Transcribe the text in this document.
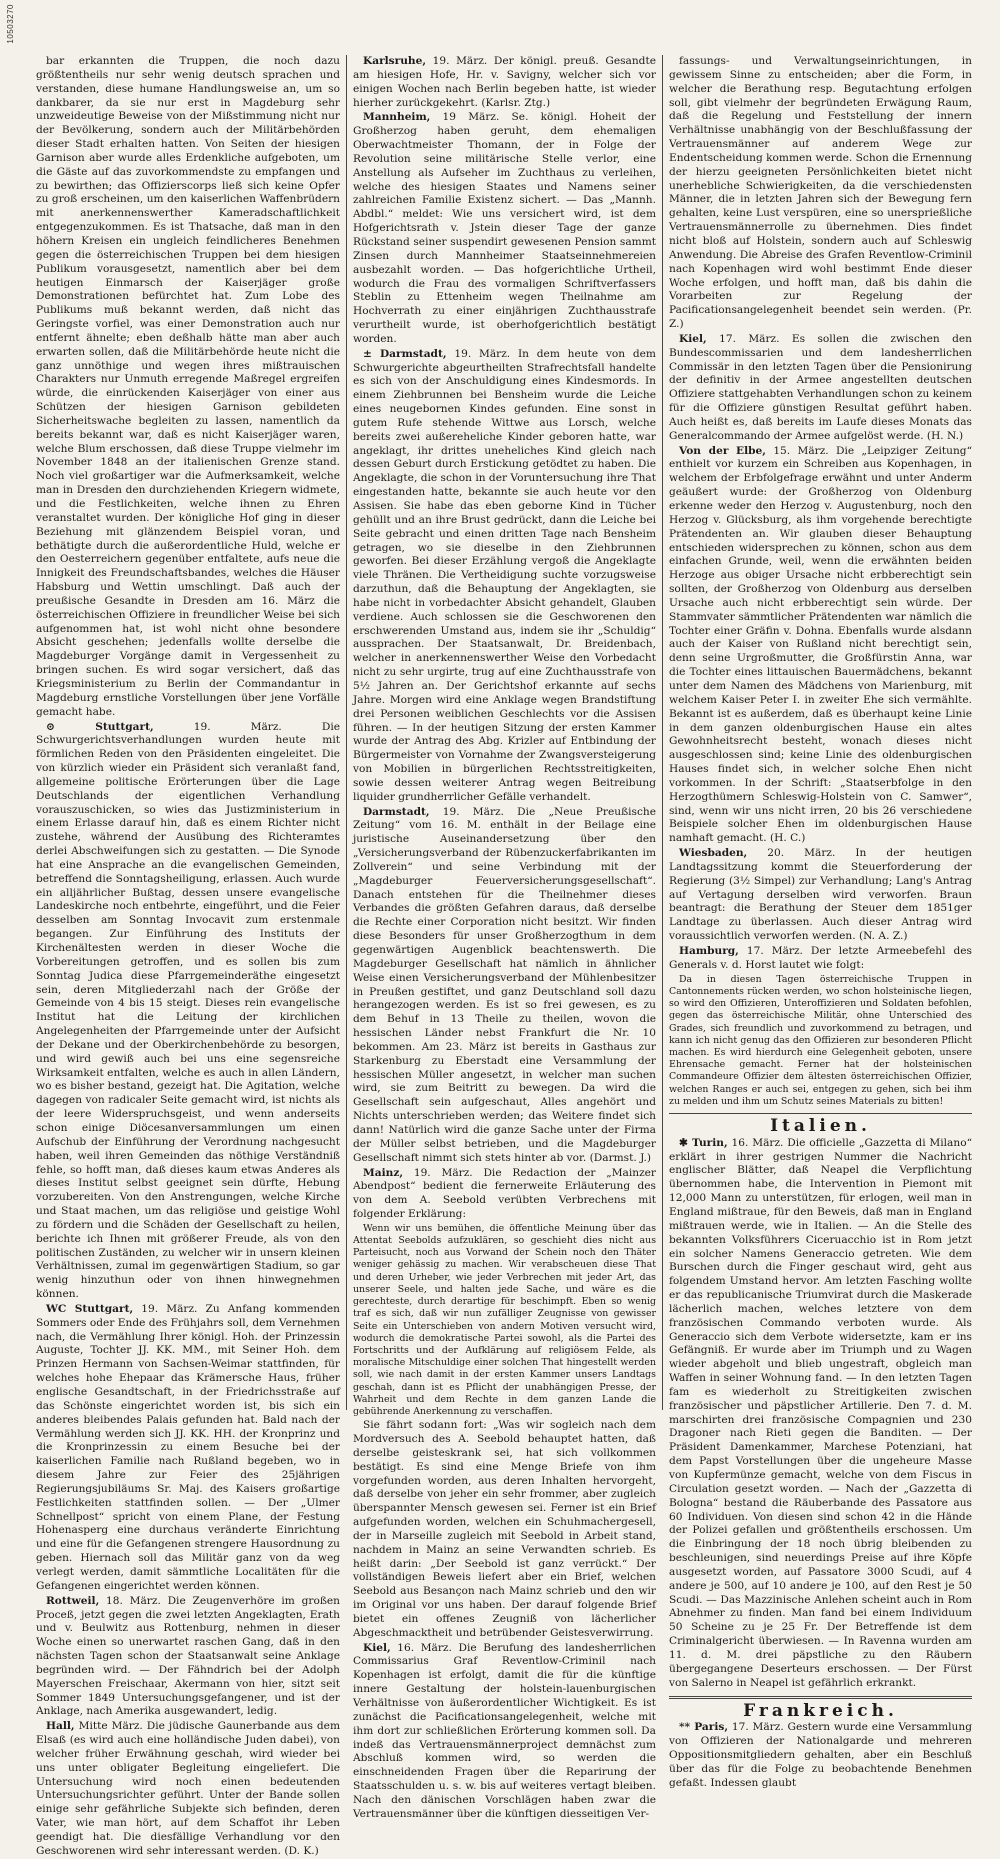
10503270

bar erkannten die Truppen, die noch dazu größtentheils nur sehr wenig deutsch sprachen und verstanden, diese humane Handlungsweise an, um so dankbarer, da sie nur erst in Magdeburg sehr unzweideutige Beweise von der Mißstimmung nicht nur der Bevölkerung, sondern auch der Militärbehörden dieser Stadt erhalten hatten. Von Seiten der hiesigen Garnison aber wurde alles Erdenkliche aufgeboten, um die Gäste auf das zuvorkommendste zu empfangen und zu bewirthen; das Offizierscorps ließ sich keine Opfer zu groß erscheinen, um den kaiserlichen Waffenbrüdern mit anerkennenswerther Kameradschaftlichkeit entgegenzukommen. Es ist Thatsache, daß man in den höhern Kreisen ein ungleich feindlicheres Benehmen gegen die österreichischen Truppen bei dem hiesigen Publikum vorausgesetzt, namentlich aber bei dem heutigen Einmarsch der Kaiserjäger große Demonstrationen befürchtet hat. Zum Lobe des Publikums muß bekannt werden, daß nicht das Geringste vorfiel, was einer Demonstration auch nur entfernt ähnelte; eben deßhalb hätte man aber auch erwarten sollen, daß die Militärbehörde heute nicht die ganz unnöthige und wegen ihres mißtrauischen Charakters nur Unmuth erregende Maßregel ergreifen würde, die einrückenden Kaiserjäger von einer aus Schützen der hiesigen Garnison gebildeten Sicherheitswache begleiten zu lassen, namentlich da bereits bekannt war, daß es nicht Kaiserjäger waren, welche Blum erschossen, daß diese Truppe vielmehr im November 1848 an der italienischen Grenze stand. Noch viel großartiger war die Aufmerksamkeit, welche man in Dresden den durchziehenden Kriegern widmete, und die Festlichkeiten, welche ihnen zu Ehren veranstaltet wurden. Der königliche Hof ging in dieser Beziehung mit glänzendem Beispiel voran, und bethätigte durch die außerordentliche Huld, welche er den Oesterreichern gegenüber entfaltete, aufs neue die Innigkeit des Freundschaftsbandes, welches die Häuser Habsburg und Wettin umschlingt. Daß auch der preußische Gesandte in Dresden am 16. März die österreichischen Offiziere in freundlicher Weise bei sich aufgenommen hat, ist wohl nicht ohne besondere Absicht geschehen; jedenfalls wollte derselbe die Magdeburger Vorgänge damit in Vergessenheit zu bringen suchen. Es wird sogar versichert, daß das Kriegsministerium zu Berlin der Commandantur in Magdeburg ernstliche Vorstellungen über jene Vorfälle gemacht habe.

⊙ Stuttgart, 19. März. Die Schwurgerichtsverhandlungen wurden heute mit förmlichen Reden von den Präsidenten eingeleitet. Die von kürzlich wieder ein Präsident sich veranlaßt fand, allgemeine politische Erörterungen über die Lage Deutschlands der eigentlichen Verhandlung vorauszuschicken, so wies das Justizministerium in einem Erlasse darauf hin, daß es einem Richter nicht zustehe, während der Ausübung des Richteramtes derlei Abschweifungen sich zu gestatten. — Die Synode hat eine Ansprache an die evangelischen Gemeinden, betreffend die Sonntagsheiligung, erlassen. Auch wurde ein alljährlicher Bußtag, dessen unsere evangelische Landeskirche noch entbehrte, eingeführt, und die Feier desselben am Sonntag Invocavit zum erstenmale begangen. Zur Einführung des Instituts der Kirchenältesten werden in dieser Woche die Vorbereitungen getroffen, und es sollen bis zum Sonntag Judica diese Pfarrgemeinderäthe eingesetzt sein, deren Mitgliederzahl nach der Größe der Gemeinde von 4 bis 15 steigt. Dieses rein evangelische Institut hat die Leitung der kirchlichen Angelegenheiten der Pfarrgemeinde unter der Aufsicht der Dekane und der Oberkirchenbehörde zu besorgen, und wird gewiß auch bei uns eine segensreiche Wirksamkeit entfalten, welche es auch in allen Ländern, wo es bisher bestand, gezeigt hat. Die Agitation, welche dagegen von radicaler Seite gemacht wird, ist nichts als der leere Widerspruchsgeist, und wenn anderseits schon einige Diöcesanversammlungen um einen Aufschub der Einführung der Verordnung nachgesucht haben, weil ihren Gemeinden das nöthige Verständniß fehle, so hofft man, daß dieses kaum etwas Anderes als dieses Institut selbst geeignet sein dürfte, Hebung vorzubereiten. Von den Anstrengungen, welche Kirche und Staat machen, um das religiöse und geistige Wohl zu fördern und die Schäden der Gesellschaft zu heilen, berichte ich Ihnen mit größerer Freude, als von den politischen Zuständen, zu welcher wir in unsern kleinen Verhältnissen, zumal im gegenwärtigen Stadium, so gar wenig hinzuthun oder von ihnen hinwegnehmen können.

WC Stuttgart, 19. März. Zu Anfang kommenden Sommers oder Ende des Frühjahrs soll, dem Vernehmen nach, die Vermählung Ihrer königl. Hoh. der Prinzessin Auguste, Tochter JJ. KK. MM., mit Seiner Hoh. dem Prinzen Hermann von Sachsen-Weimar stattfinden, für welches hohe Ehepaar das Krämersche Haus, früher englische Gesandtschaft, in der Friedrichsstraße auf das Schönste eingerichtet worden ist, bis sich ein anderes bleibendes Palais gefunden hat. Bald nach der Vermählung werden sich JJ. KK. HH. der Kronprinz und die Kronprinzessin zu einem Besuche bei der kaiserlichen Familie nach Rußland begeben, wo in diesem Jahre zur Feier des 25jährigen Regierungsjubiläums Sr. Maj. des Kaisers großartige Festlichkeiten stattfinden sollen. — Der „Ulmer Schnellpost“ spricht von einem Plane, der Festung Hohenasperg eine durchaus veränderte Einrichtung und eine für die Gefangenen strengere Hausordnung zu geben. Hiernach soll das Militär ganz von da weg verlegt werden, damit sämmtliche Localitäten für die Gefangenen eingerichtet werden können.

Rottweil, 18. März. Die Zeugenverhöre im großen Proceß, jetzt gegen die zwei letzten Angeklagten, Erath und v. Beulwitz aus Rottenburg, nehmen in dieser Woche einen so unerwartet raschen Gang, daß in den nächsten Tagen schon der Staatsanwalt seine Anklage begründen wird. — Der Fähndrich bei der Adolph Mayerschen Freischaar, Akermann von hier, sitzt seit Sommer 1849 Untersuchungsgefangener, und ist der Anklage, nach Amerika ausgewandert, ledig.

Hall, Mitte März. Die jüdische Gaunerbande aus dem Elsaß (es wird auch eine holländische Juden dabei), von welcher früher Erwähnung geschah, wird wieder bei uns unter obligater Begleitung eingeliefert. Die Untersuchung wird noch einen bedeutenden Untersuchungsrichter geführt. Unter der Bande sollen einige sehr gefährliche Subjekte sich befinden, deren Vater, wie man hört, auf dem Schaffot ihr Leben geendigt hat. Die diesfällige Verhandlung vor den Geschworenen wird sehr interessant werden. (D. K.)

Karlsruhe, 19. März. Der königl. preuß. Gesandte am hiesigen Hofe, Hr. v. Savigny, welcher sich vor einigen Wochen nach Berlin begeben hatte, ist wieder hierher zurückgekehrt. (Karlsr. Ztg.)

Mannheim, 19 März. Se. königl. Hoheit der Großherzog haben geruht, dem ehemaligen Oberwachtmeister Thomann, der in Folge der Revolution seine militärische Stelle verlor, eine Anstellung als Aufseher im Zuchthaus zu verleihen, welche des hiesigen Staates und Namens seiner zahlreichen Familie Existenz sichert. — Das „Mannh. Abdbl.“ meldet: Wie uns versichert wird, ist dem Hofgerichtsrath v. Jstein dieser Tage der ganze Rückstand seiner suspendirt gewesenen Pension sammt Zinsen durch Mannheimer Staatseinnehmereien ausbezahlt worden. — Das hofgerichtliche Urtheil, wodurch die Frau des vormaligen Schriftverfassers Steblin zu Ettenheim wegen Theilnahme am Hochverrath zu einer einjährigen Zuchthausstrafe verurtheilt wurde, ist oberhofgerichtlich bestätigt worden.

± Darmstadt, 19. März. In dem heute von dem Schwurgerichte abgeurtheilten Strafrechtsfall handelte es sich von der Anschuldigung eines Kindesmords. In einem Ziehbrunnen bei Bensheim wurde die Leiche eines neugebornen Kindes gefunden. Eine sonst in gutem Rufe stehende Wittwe aus Lorsch, welche bereits zwei außereheliche Kinder geboren hatte, war angeklagt, ihr drittes uneheliches Kind gleich nach dessen Geburt durch Erstickung getödtet zu haben. Die Angeklagte, die schon in der Voruntersuchung ihre That eingestanden hatte, bekannte sie auch heute vor den Assisen. Sie habe das eben geborne Kind in Tücher gehüllt und an ihre Brust gedrückt, dann die Leiche bei Seite gebracht und einen dritten Tage nach Bensheim getragen, wo sie dieselbe in den Ziehbrunnen geworfen. Bei dieser Erzählung vergoß die Angeklagte viele Thränen. Die Vertheidigung suchte vorzugsweise darzuthun, daß die Behauptung der Angeklagten, sie habe nicht in vorbedachter Absicht gehandelt, Glauben verdiene. Auch schlossen sie die Geschworenen den erschwerenden Umstand aus, indem sie ihr „Schuldig“ aussprachen. Der Staatsanwalt, Dr. Breidenbach, welcher in anerkennenswerther Weise den Vorbedacht nicht zu sehr urgirte, trug auf eine Zuchthausstrafe von 5½ Jahren an. Der Gerichtshof erkannte auf sechs Jahre. Morgen wird eine Anklage wegen Brandstiftung drei Personen weiblichen Geschlechts vor die Assisen führen. — In der heutigen Sitzung der ersten Kammer wurde der Antrag des Abg. Krizler auf Entbindung der Bürgermeister von Vornahme der Zwangsversteigerung von Mobilien in bürgerlichen Rechtsstreitigkeiten, sowie dessen weiterer Antrag wegen Beitreibung liquider grundherrlicher Gefälle verhandelt.

Darmstadt, 19. März. Die „Neue Preußische Zeitung“ vom 16. M. enthält in der Beilage eine juristische Auseinandersetzung über den „Versicherungsverband der Rübenzuckerfabrikanten im Zollverein“ und seine Verbindung mit der „Magdeburger Feuerversicherungsgesellschaft“. Danach entstehen für die Theilnehmer dieses Verbandes die größten Gefahren daraus, daß derselbe die Rechte einer Corporation nicht besitzt. Wir finden diese Besonders für unser Großherzogthum in dem gegenwärtigen Augenblick beachtenswerth. Die Magdeburger Gesellschaft hat nämlich in ähnlicher Weise einen Versicherungsverband der Mühlenbesitzer in Preußen gestiftet, und ganz Deutschland soll dazu herangezogen werden. Es ist so frei gewesen, es zu dem Behuf in 13 Theile zu theilen, wovon die hessischen Länder nebst Frankfurt die Nr. 10 bekommen. Am 23. März ist bereits in Gasthaus zur Starkenburg zu Eberstadt eine Versammlung der hessischen Müller angesetzt, in welcher man suchen wird, sie zum Beitritt zu bewegen. Da wird die Gesellschaft sein aufgeschaut, Alles angehört und Nichts unterschrieben werden; das Weitere findet sich dann! Natürlich wird die ganze Sache unter der Firma der Müller selbst betrieben, und die Magdeburger Gesellschaft nimmt sich stets hinter ab vor. (Darmst. J.)

Mainz, 19. März. Die Redaction der „Mainzer Abendpost“ bedient die fernerweite Erläuterung des von dem A. Seebold verübten Verbrechens mit folgender Erklärung:

Wenn wir uns bemühen, die öffentliche Meinung über das Attentat Seebolds aufzuklären, so geschieht dies nicht aus Parteisucht, noch aus Vorwand der Schein noch den Thäter weniger gehässig zu machen. Wir verabscheuen diese That und deren Urheber, wie jeder Verbrechen mit jeder Art, das unserer Seele, und halten jede Sache, und wäre es die gerechteste, durch derartige für beschimpft. Eben so wenig traf es sich, daß wir nun zufälliger Zeugnisse von gewisser Seite ein Unterschieben von andern Motiven versucht wird, wodurch die demokratische Partei sowohl, als die Partei des Fortschritts und der Aufklärung auf religiösem Felde, als moralische Mitschuldige einer solchen That hingestellt werden soll, wie nach damit in der ersten Kammer unsers Landtags geschah, dann ist es Pflicht der unabhängigen Presse, der Wahrheit und dem Rechte in dem ganzen Lande die gebührende Anerkennung zu verschaffen.

Sie fährt sodann fort: „Was wir sogleich nach dem Mordversuch des A. Seebold behauptet hatten, daß derselbe geisteskrank sei, hat sich vollkommen bestätigt. Es sind eine Menge Briefe von ihm vorgefunden worden, aus deren Inhalten hervorgeht, daß derselbe von jeher ein sehr frommer, aber zugleich überspannter Mensch gewesen sei. Ferner ist ein Brief aufgefunden worden, welchen ein Schuhmachergesell, der in Marseille zugleich mit Seebold in Arbeit stand, nachdem in Mainz an seine Verwandten schrieb. Es heißt darin: „Der Seebold ist ganz verrückt.“ Der vollständigen Beweis liefert aber ein Brief, welchen Seebold aus Besançon nach Mainz schrieb und den wir im Original vor uns haben. Der darauf folgende Brief bietet ein offenes Zeugniß von lächerlicher Abgeschmacktheit und betrübender Geistesverwirrung.

Kiel, 16. März. Die Berufung des landesherrlichen Commissarius Graf Reventlow-Criminil nach Kopenhagen ist erfolgt, damit die für die künftige innere Gestaltung der holstein-lauenburgischen Verhältnisse von äußerordentlicher Wichtigkeit. Es ist zunächst die Pacificationsangelegenheit, welche mit ihm dort zur schließlichen Erörterung kommen soll. Da indeß das Vertrauensmännerproject demnächst zum Abschluß kommen wird, so werden die einschneidenden Fragen über die Reparirung der Staatsschulden u. s. w. bis auf weiteres vertagt bleiben. Nach den dänischen Vorschlägen haben zwar die Vertrauensmänner über die künftigen diesseitigen Ver-

fassungs- und Verwaltungseinrichtungen, in gewissem Sinne zu entscheiden; aber die Form, in welcher die Berathung resp. Begutachtung erfolgen soll, gibt vielmehr der begründeten Erwägung Raum, daß die Regelung und Feststellung der innern Verhältnisse unabhängig von der Beschlußfassung der Vertrauensmänner auf anderem Wege zur Endentscheidung kommen werde. Schon die Ernennung der hierzu geeigneten Persönlichkeiten bietet nicht unerhebliche Schwierigkeiten, da die verschiedensten Männer, die in letzten Jahren sich der Bewegung fern gehalten, keine Lust verspüren, eine so unersprießliche Vertrauensmännerrolle zu übernehmen. Dies findet nicht bloß auf Holstein, sondern auch auf Schleswig Anwendung. Die Abreise des Grafen Reventlow-Criminil nach Kopenhagen wird wohl bestimmt Ende dieser Woche erfolgen, und hofft man, daß bis dahin die Vorarbeiten zur Regelung der Pacificationsangelegenheit beendet sein werden. (Pr. Z.)

Kiel, 17. März. Es sollen die zwischen den Bundescommissarien und dem landesherrlichen Commissär in den letzten Tagen über die Pensionirung der definitiv in der Armee angestellten deutschen Offiziere stattgehabten Verhandlungen schon zu keinem für die Offiziere günstigen Resultat geführt haben. Auch heißt es, daß bereits im Laufe dieses Monats das Generalcommando der Armee aufgelöst werde. (H. N.)

Von der Elbe, 15. März. Die „Leipziger Zeitung“ enthielt vor kurzem ein Schreiben aus Kopenhagen, in welchem der Erbfolgefrage erwähnt und unter Anderm geäußert wurde: der Großherzog von Oldenburg erkenne weder den Herzog v. Augustenburg, noch den Herzog v. Glücksburg, als ihm vorgehende berechtigte Prätendenten an. Wir glauben dieser Behauptung entschieden widersprechen zu können, schon aus dem einfachen Grunde, weil, wenn die erwähnten beiden Herzoge aus obiger Ursache nicht erbberechtigt sein sollten, der Großherzog von Oldenburg aus derselben Ursache auch nicht erbberechtigt sein würde. Der Stammvater sämmtlicher Prätendenten war nämlich die Tochter einer Gräfin v. Dohna. Ebenfalls wurde alsdann auch der Kaiser von Rußland nicht berechtigt sein, denn seine Urgroßmutter, die Großfürstin Anna, war die Tochter eines littauischen Bauermädchens, bekannt unter dem Namen des Mädchens von Marienburg, mit welchem Kaiser Peter I. in zweiter Ehe sich vermählte. Bekannt ist es außerdem, daß es überhaupt keine Linie in dem ganzen oldenburgischen Hause ein altes Gewohnheitsrecht besteht, wonach dieses nicht ausgeschlossen sind; keine Linie des oldenburgischen Hauses findet sich, in welcher solche Ehen nicht vorkommen. In der Schrift: „Staatserbfolge in den Herzogthümern Schleswig-Holstein von C. Samwer“, sind, wenn wir uns nicht irren, 20 bis 26 verschiedene Beispiele solcher Ehen im oldenburgischen Hause namhaft gemacht. (H. C.)

Wiesbaden, 20. März. In der heutigen Landtagssitzung kommt die Steuerforderung der Regierung (3½ Simpel) zur Verhandlung; Lang's Antrag auf Vertagung derselben wird verworfen. Braun beantragt: die Berathung der Steuer dem 1851ger Landtage zu überlassen. Auch dieser Antrag wird voraussichtlich verworfen werden. (N. A. Z.)

Hamburg, 17. März. Der letzte Armeebefehl des Generals v. d. Horst lautet wie folgt:

Da in diesen Tagen österreichische Truppen in Cantonnements rücken werden, wo schon holsteinische liegen, so wird den Offizieren, Unteroffizieren und Soldaten befohlen, gegen das österreichische Militär, ohne Unterschied des Grades, sich freundlich und zuvorkommend zu betragen, und kann ich nicht genug das den Offizieren zur besonderen Pflicht machen. Es wird hierdurch eine Gelegenheit geboten, unsere Ehrensache gemacht. Ferner hat der holsteinischen Commandeure Offizier dem ältesten österreichischen Offizier, welchen Ranges er auch sei, entgegen zu gehen, sich bei ihm zu melden und ihm um Schutz seines Materials zu bitten!

Italien.

✱ Turin, 16. März. Die officielle „Gazzetta di Milano“ erklärt in ihrer gestrigen Nummer die Nachricht englischer Blätter, daß Neapel die Verpflichtung übernommen habe, die Intervention in Piemont mit 12,000 Mann zu unterstützen, für erlogen, weil man in England mißtraue, für den Beweis, daß man in England mißtrauen werde, wie in Italien. — An die Stelle des bekannten Volksführers Ciceruacchio ist in Rom jetzt ein solcher Namens Generaccio getreten. Wie dem Burschen durch die Finger geschaut wird, geht aus folgendem Umstand hervor. Am letzten Fasching wollte er das republicanische Triumvirat durch die Maskerade lächerlich machen, welches letztere von dem französischen Commando verboten wurde. Als Generaccio sich dem Verbote widersetzte, kam er ins Gefängniß. Er wurde aber im Triumph und zu Wagen wieder abgeholt und blieb ungestraft, obgleich man Waffen in seiner Wohnung fand. — In den letzten Tagen fam es wiederholt zu Streitigkeiten zwischen französischer und päpstlicher Artillerie. Den 7. d. M. marschirten drei französische Compagnien und 230 Dragoner nach Rieti gegen die Banditen. — Der Präsident Damenkammer, Marchese Potenziani, hat dem Papst Vorstellungen über die ungeheure Masse von Kupfermünze gemacht, welche von dem Fiscus in Circulation gesetzt worden. — Nach der „Gazzetta di Bologna“ bestand die Räuberbande des Passatore aus 60 Individuen. Von diesen sind schon 42 in die Hände der Polizei gefallen und größtentheils erschossen. Um die Einbringung der 18 noch übrig bleibenden zu beschleunigen, sind neuerdings Preise auf ihre Köpfe ausgesetzt worden, auf Passatore 3000 Scudi, auf 4 andere je 500, auf 10 andere je 100, auf den Rest je 50 Scudi. — Das Mazzinische Anlehen scheint auch in Rom Abnehmer zu finden. Man fand bei einem Individuum 50 Scheine zu je 25 Fr. Der Betreffende ist dem Criminalgericht überwiesen. — In Ravenna wurden am 11. d. M. drei päpstliche zu den Räubern übergegangene Deserteurs erschossen. — Der Fürst von Salerno in Neapel ist gefährlich erkrankt.

Frankreich.

** Paris, 17. März. Gestern wurde eine Versammlung von Offizieren der Nationalgarde und mehreren Oppositionsmitgliedern gehalten, aber ein Beschluß über das für die Folge zu beobachtende Benehmen gefaßt. Indessen glaubt
